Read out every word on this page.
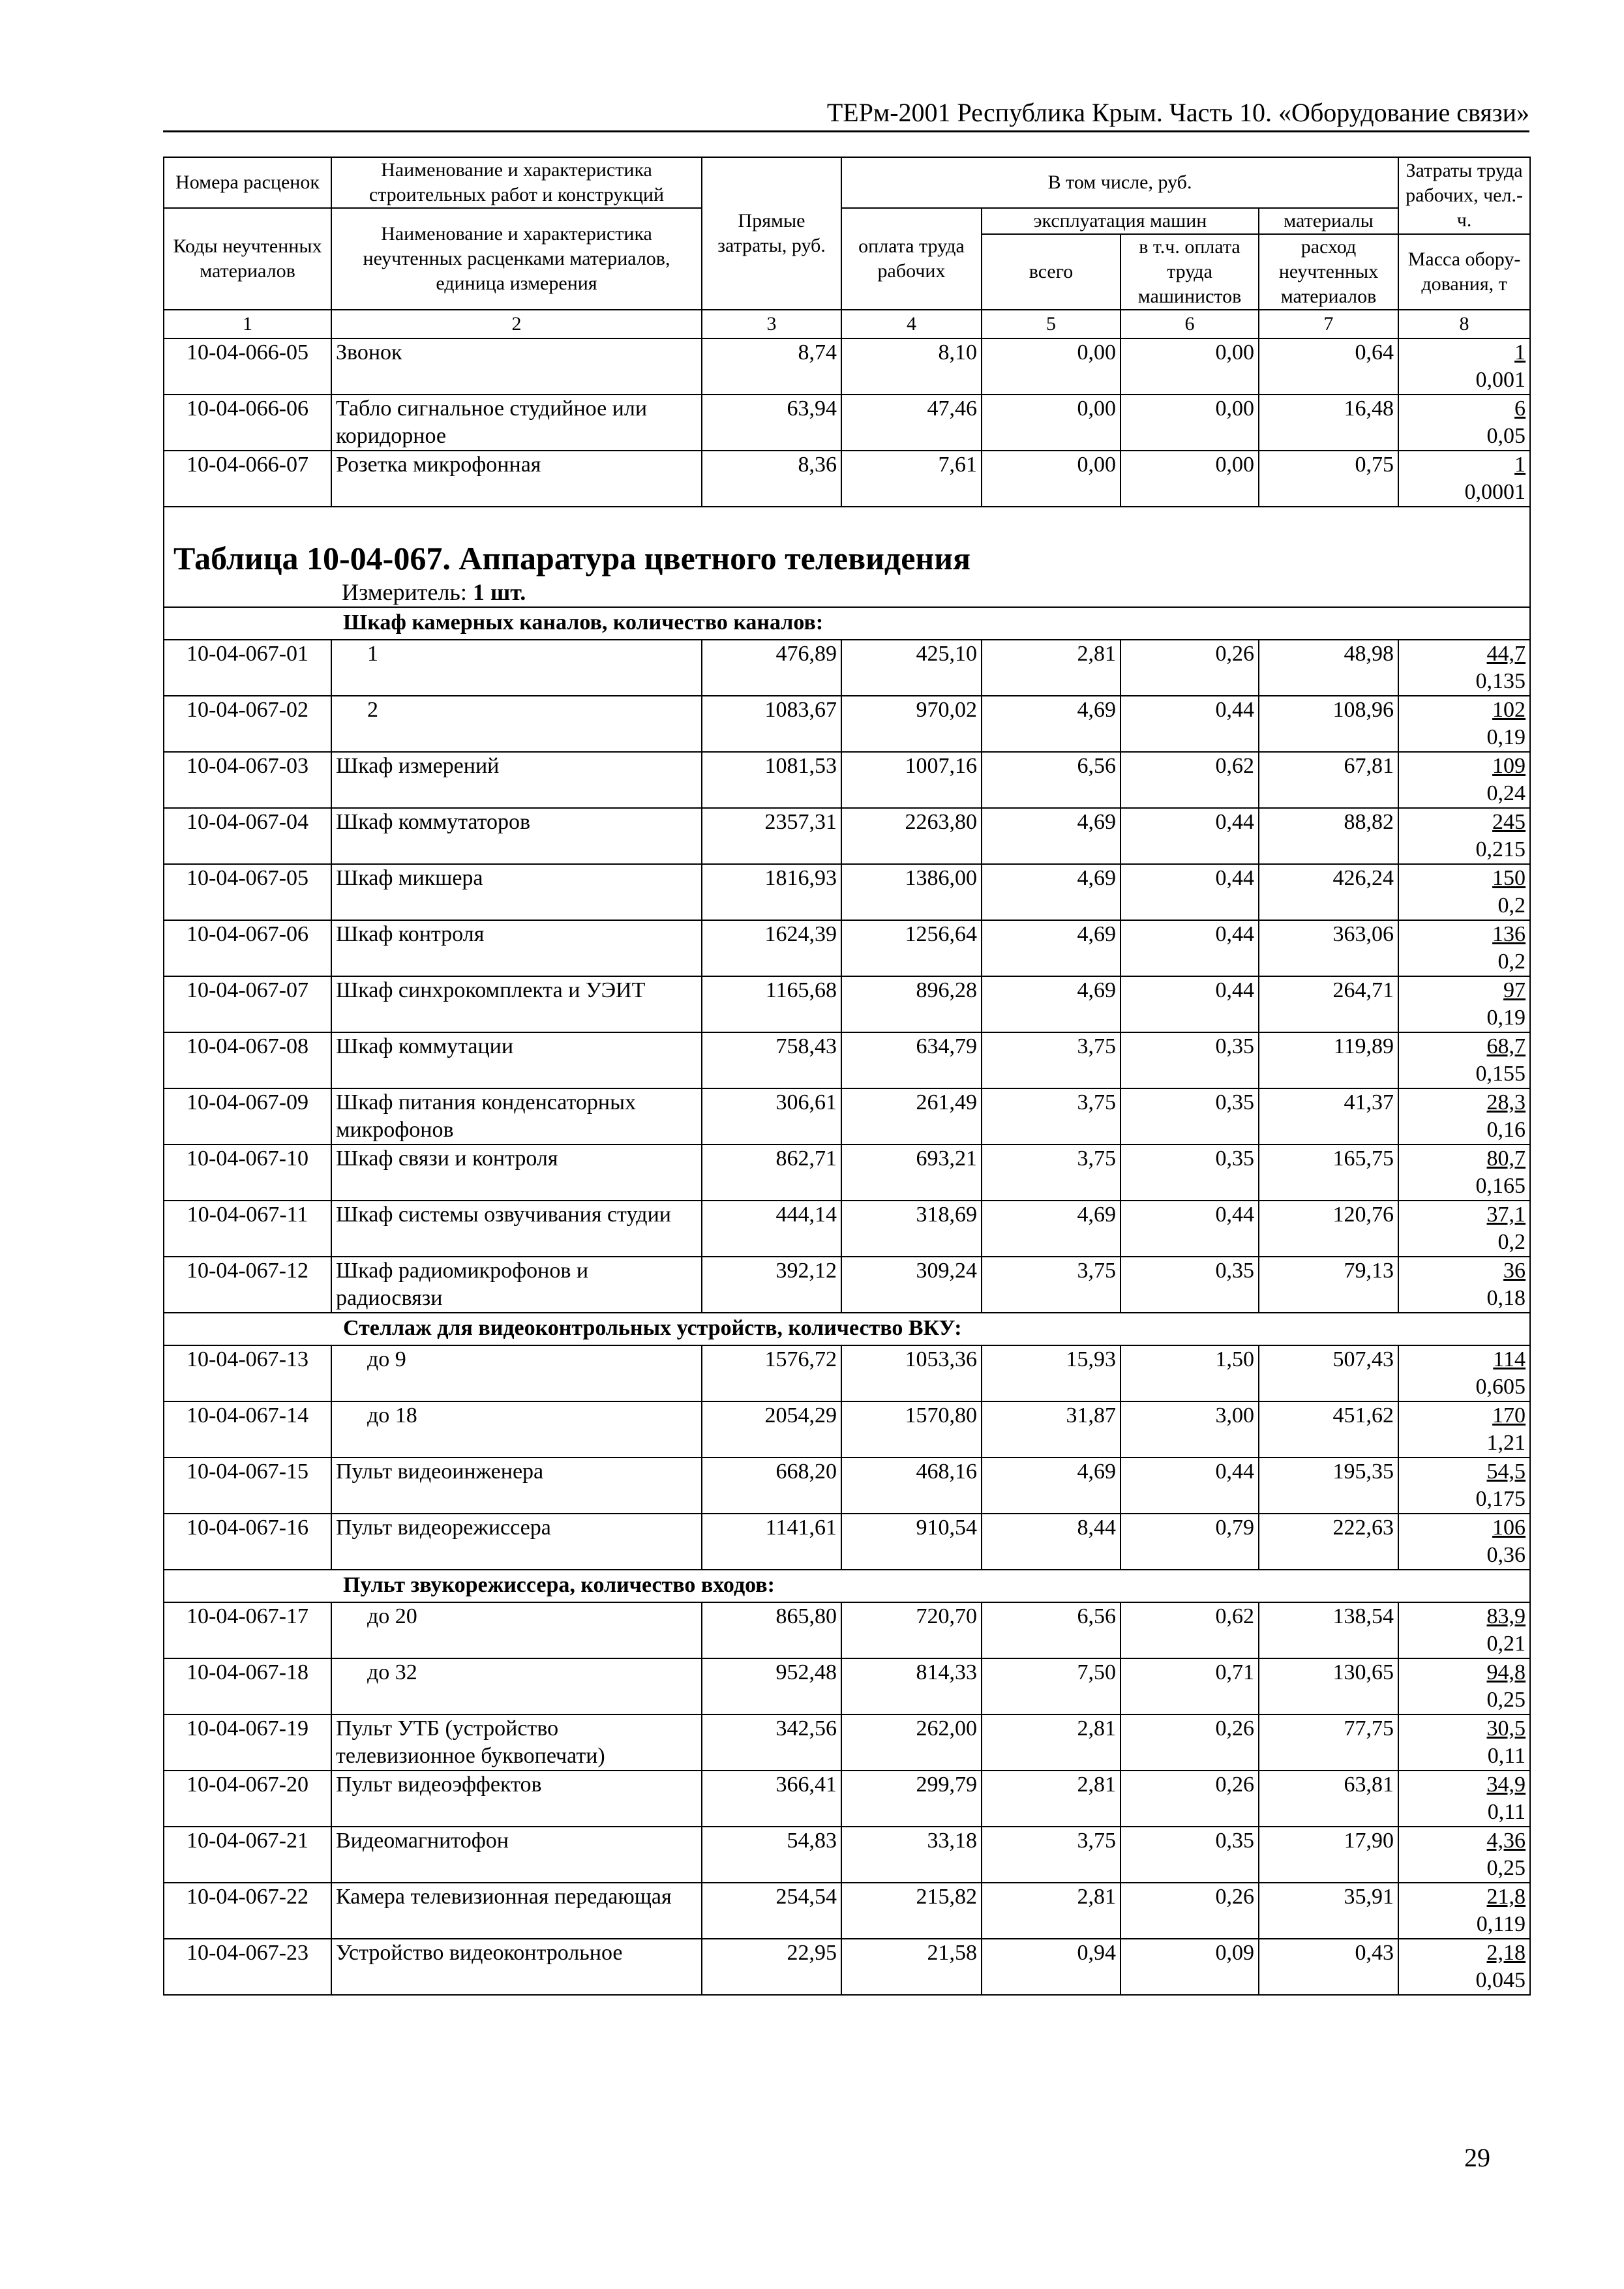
ТЕРм-2001 Республика Крым. Часть 10. «Оборудование связи»
Номера расценок	Наименование и характеристика строительных работ и конструкций	Прямые затраты, руб.	В том числе, руб.				Затраты труда рабочих, чел.-ч.
Коды неучтенных материалов	Наименование и характеристика неучтенных расценками материалов, единица измерения		оплата труда рабочих	эксплуатация машин		материалы	
				всего	в т.ч. оплата труда машинистов	расход неучтенных материалов	
							Масса обору-дования, т
1	2	3	4	5	6	7	8
10-04-066-05	Звонок	8,74	8,10	0,00	0,00	0,64	1
0,001

10-04-066-06	Табло сигнальное студийное или коридорное	63,94	47,46	0,00	0,00	16,48	6
0,05

10-04-066-07	Розетка микрофонная	8,36	7,61	0,00	0,00	0,75	1
0,0001

Таблица 10-04-067. Аппаратура цветного телевидения
Измеритель: 1 шт.							

Шкаф камерных каналов, количество каналов:							
10-04-067-01	1	476,89	425,10	2,81	0,26	48,98	44,7
0,135

10-04-067-02	2	1083,67	970,02	4,69	0,44	108,96	102
0,19

10-04-067-03	Шкаф измерений	1081,53	1007,16	6,56	0,62	67,81	109
0,24

10-04-067-04	Шкаф коммутаторов	2357,31	2263,80	4,69	0,44	88,82	245
0,215

10-04-067-05	Шкаф микшера	1816,93	1386,00	4,69	0,44	426,24	150
0,2

10-04-067-06	Шкаф контроля	1624,39	1256,64	4,69	0,44	363,06	136
0,2

10-04-067-07	Шкаф синхрокомплекта и УЭИТ	1165,68	896,28	4,69	0,44	264,71	97
0,19

10-04-067-08	Шкаф коммутации	758,43	634,79	3,75	0,35	119,89	68,7
0,155

10-04-067-09	Шкаф питания конденсаторных микрофонов	306,61	261,49	3,75	0,35	41,37	28,3
0,16

10-04-067-10	Шкаф связи и контроля	862,71	693,21	3,75	0,35	165,75	80,7
0,165

10-04-067-11	Шкаф системы озвучивания студии	444,14	318,69	4,69	0,44	120,76	37,1
0,2

10-04-067-12	Шкаф радиомикрофонов и радиосвязи	392,12	309,24	3,75	0,35	79,13	36
0,18

Стеллаж для видеоконтрольных устройств, количество ВКУ:							
10-04-067-13	до 9	1576,72	1053,36	15,93	1,50	507,43	114
0,605

10-04-067-14	до 18	2054,29	1570,80	31,87	3,00	451,62	170
1,21

10-04-067-15	Пульт видеоинженера	668,20	468,16	4,69	0,44	195,35	54,5
0,175

10-04-067-16	Пульт видеорежиссера	1141,61	910,54	8,44	0,79	222,63	106
0,36

Пульт звукорежиссера, количество входов:							
10-04-067-17	до 20	865,80	720,70	6,56	0,62	138,54	83,9
0,21

10-04-067-18	до 32	952,48	814,33	7,50	0,71	130,65	94,8
0,25

10-04-067-19	Пульт УТБ (устройство телевизионное буквопечати)	342,56	262,00	2,81	0,26	77,75	30,5
0,11

10-04-067-20	Пульт видеоэффектов	366,41	299,79	2,81	0,26	63,81	34,9
0,11

10-04-067-21	Видеомагнитофон	54,83	33,18	3,75	0,35	17,90	4,36
0,25

10-04-067-22	Камера телевизионная передающая	254,54	215,82	2,81	0,26	35,91	21,8
0,119

10-04-067-23	Устройство видеоконтрольное	22,95	21,58	0,94	0,09	0,43	2,18
0,045
29
